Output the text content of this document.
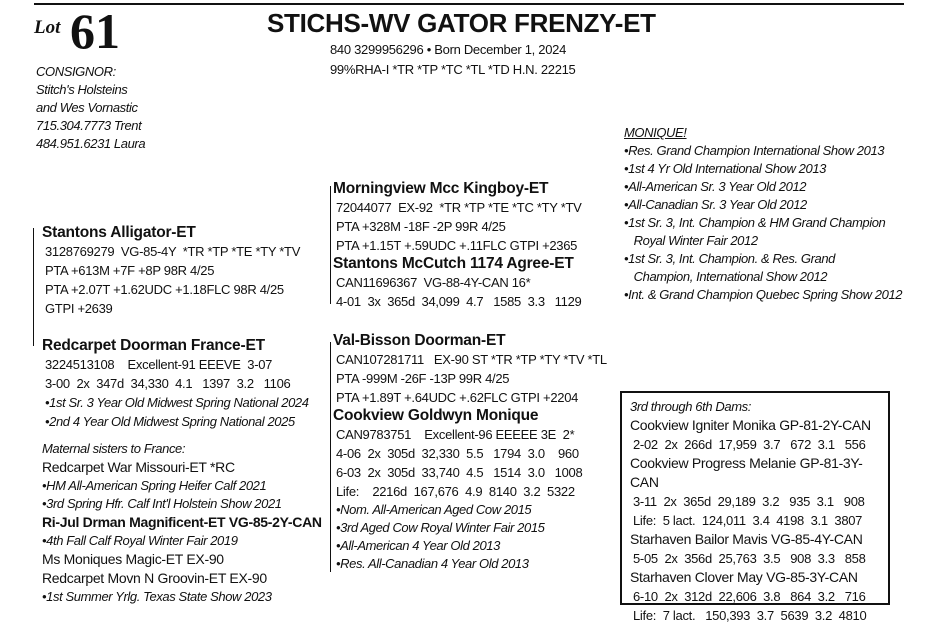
Lot 61	STICHS-WV GATOR FRENZY-ET
840 3299956296 • Born December 1, 2024
99%RHA-I *TR *TP *TC *TL *TD H.N. 22215
CONSIGNOR:
Stitch's Holsteins
and Wes Vornastic
715.304.7773 Trent
484.951.6231 Laura
Stantons Alligator-ET
3128769279  VG-85-4Y  *TR *TP *TE *TY *TV
PTA +613M +7F +8P 98R 4/25
PTA +2.07T +1.62UDC +1.18FLC 98R 4/25
GTPI +2639
Morningview Mcc Kingboy-ET
72044077  EX-92  *TR *TP *TE *TC *TY *TV
PTA +328M -18F -2P 99R 4/25
PTA +1.15T +.59UDC +.11FLC GTPI +2365
Stantons McCutch 1174 Agree-ET
CAN11696367  VG-88-4Y-CAN 16*
4-01  3x  365d  34,099  4.7   1585  3.3   1129
Redcarpet Doorman France-ET
3224513108    Excellent-91 EEEVE  3-07
3-00  2x  347d  34,330  4.1   1397  3.2   1106
•1st Sr. 3 Year Old Midwest Spring National 2024
•2nd 4 Year Old Midwest Spring National 2025
Val-Bisson Doorman-ET
CAN107281711   EX-90 ST *TR *TP *TY *TV *TL
PTA -999M -26F -13P 99R 4/25
PTA +1.89T +.64UDC +.62FLC GTPI +2204
Cookview Goldwyn Monique
CAN9783751    Excellent-96 EEEEE 3E  2*
4-06  2x  305d  32,330  5.5   1794  3.0    960
6-03  2x  305d  33,740  4.5   1514  3.0   1008
Life:    2216d  167,676  4.9  8140  3.2  5322
•Nom. All-American Aged Cow 2015
•3rd Aged Cow Royal Winter Fair 2015
•All-American 4 Year Old 2013
•Res. All-Canadian 4 Year Old 2013
Maternal sisters to France:
Redcarpet War Missouri-ET *RC
•HM All-American Spring Heifer Calf 2021
•3rd Spring Hfr. Calf Int'l Holstein Show 2021
Ri-Jul Drman Magnificent-ET VG-85-2Y-CAN
•4th Fall Calf Royal Winter Fair 2019
Ms Moniques Magic-ET EX-90
Redcarpet Movn N Groovin-ET EX-90
•1st Summer Yrlg. Texas State Show 2023
MONIQUE!
•Res. Grand Champion International Show 2013
•1st 4 Yr Old International Show 2013
•All-American Sr. 3 Year Old 2012
•All-Canadian Sr. 3 Year Old 2012
•1st Sr. 3, Int. Champion & HM Grand Champion
Royal Winter Fair 2012
•1st Sr. 3, Int. Champion. & Res. Grand
Champion, International Show 2012
•Int. & Grand Champion Quebec Spring Show 2012
3rd through 6th Dams:
Cookview Igniter Monika GP-81-2Y-CAN
2-02  2x  266d  17,959  3.7   672  3.1   556
Cookview Progress Melanie GP-81-3Y-CAN
3-11  2x  365d  29,189  3.2   935  3.1   908
Life:  5 lact.  124,011  3.4  4198  3.1  3807
Starhaven Bailor Mavis VG-85-4Y-CAN
5-05  2x  356d  25,763  3.5   908  3.3   858
Starhaven Clover May VG-85-3Y-CAN
6-10  2x  312d  22,606  3.8   864  3.2   716
Life:  7 lact.   150,393  3.7  5639  3.2  4810
